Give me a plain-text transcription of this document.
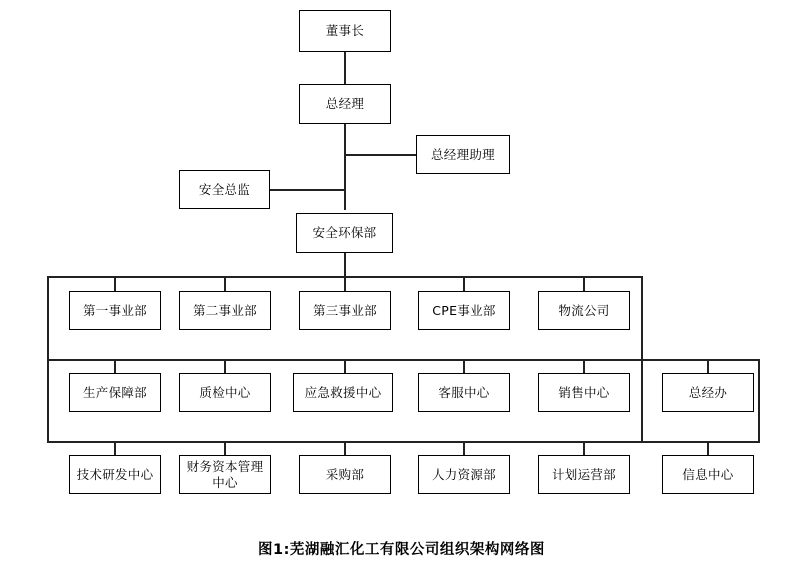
董事长
总经理
总经理助理
安全总监
安全环保部
第一事业部	第二事业部	第三事业部	CPE事业部	物流公司
生产保障部	质检中心	应急救援中心	客服中心	销售中心	总经办
技术研发中心
财务资本管理中心
采购部	人力资源部	计划运营部	信息中心
图1:芜湖融汇化工有限公司组织架构网络图
